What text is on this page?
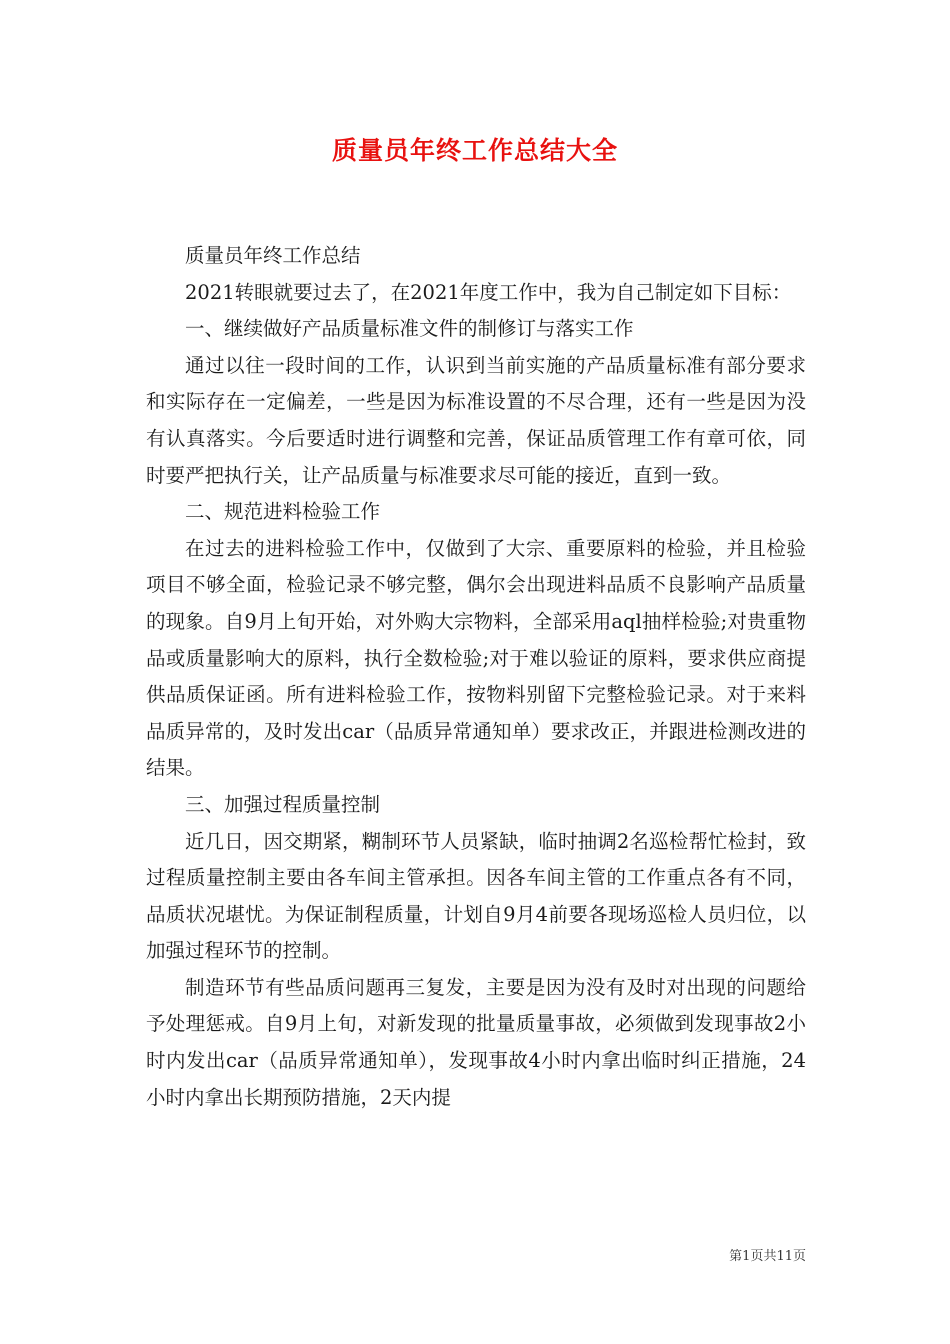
质量员年终工作总结大全

质量员年终工作总结

2021转眼就要过去了，在2021年度工作中，我为自己制定如下目标：

一、继续做好产品质量标准文件的制修订与落实工作

通过以往一段时间的工作，认识到当前实施的产品质量标准有部分要求和实际存在一定偏差，一些是因为标准设置的不尽合理，还有一些是因为没有认真落实。今后要适时进行调整和完善，保证品质管理工作有章可依，同时要严把执行关，让产品质量与标准要求尽可能的接近，直到一致。

二、规范进料检验工作

在过去的进料检验工作中，仅做到了大宗、重要原料的检验，并且检验项目不够全面，检验记录不够完整，偶尔会出现进料品质不良影响产品质量的现象。自9月上旬开始，对外购大宗物料，全部采用aql抽样检验;对贵重物品或质量影响大的原料，执行全数检验;对于难以验证的原料，要求供应商提供品质保证函。所有进料检验工作，按物料别留下完整检验记录。对于来料品质异常的，及时发出car（品质异常通知单）要求改正，并跟进检测改进的结果。

三、加强过程质量控制

近几日，因交期紧，糊制环节人员紧缺，临时抽调2名巡检帮忙检封，致过程质量控制主要由各车间主管承担。因各车间主管的工作重点各有不同，品质状况堪忧。为保证制程质量，计划自9月4前要各现场巡检人员归位，以加强过程环节的控制。

制造环节有些品质问题再三复发，主要是因为没有及时对出现的问题给予处理惩戒。自9月上旬，对新发现的批量质量事故，必须做到发现事故2小时内发出car（品质异常通知单），发现事故4小时内拿出临时纠正措施，24小时内拿出长期预防措施，2天内提

第1页共11页
